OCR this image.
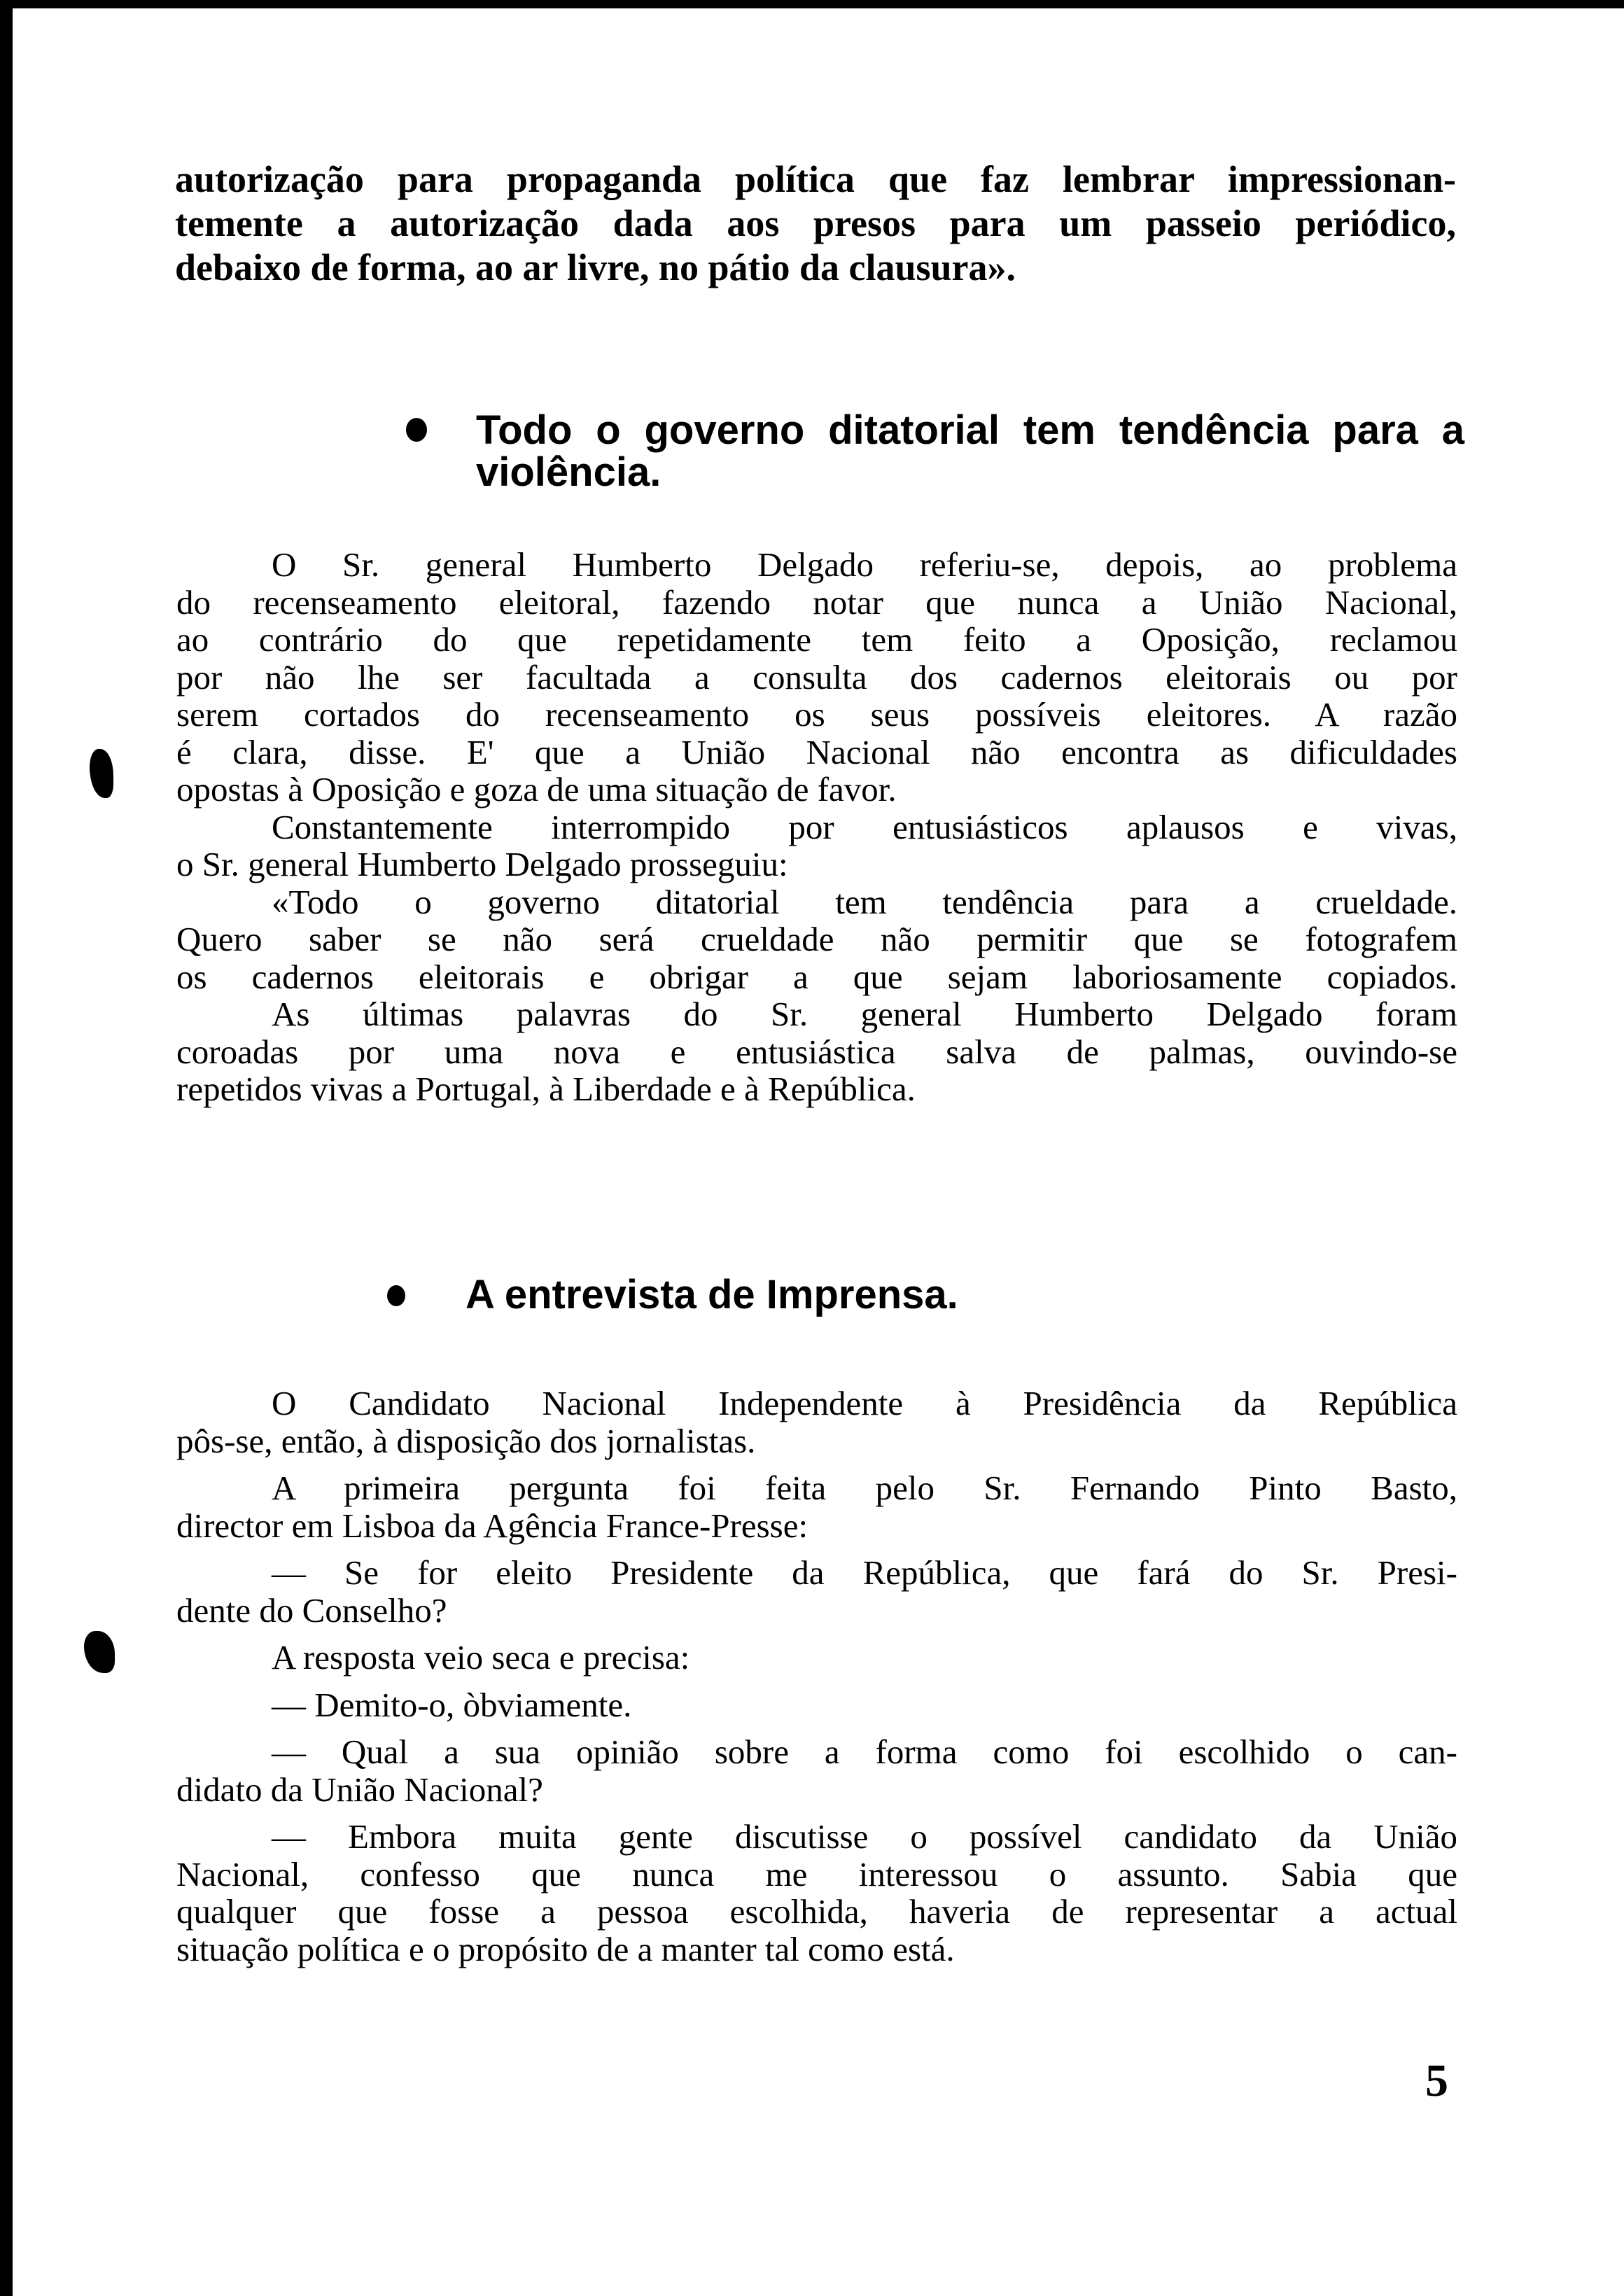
autorização para propaganda política que faz lembrar impressionan-
temente a autorização dada aos presos para um passeio periódico,
debaixo de forma, ao ar livre, no pátio da clausura».
Todo o governo ditatorial tem tendência para a
violência.
O Sr. general Humberto Delgado referiu-se, depois, ao problema
do recenseamento eleitoral, fazendo notar que nunca a União Nacional,
ao contrário do que repetidamente tem feito a Oposição, reclamou
por não lhe ser facultada a consulta dos cadernos eleitorais ou por
serem cortados do recenseamento os seus possíveis eleitores. A razão
é clara, disse. E' que a União Nacional não encontra as dificuldades
opostas à Oposição e goza de uma situação de favor.
Constantemente interrompido por entusiásticos aplausos e vivas,
o Sr. general Humberto Delgado prosseguiu:
«Todo o governo ditatorial tem tendência para a crueldade.
Quero saber se não será crueldade não permitir que se fotografem
os cadernos eleitorais e obrigar a que sejam laboriosamente copiados.
As últimas palavras do Sr. general Humberto Delgado foram
coroadas por uma nova e entusiástica salva de palmas, ouvindo-se
repetidos vivas a Portugal, à Liberdade e à República.
A entrevista de Imprensa.
O Candidato Nacional Independente à Presidência da República
pôs-se, então, à disposição dos jornalistas.
A primeira pergunta foi feita pelo Sr. Fernando Pinto Basto,
director em Lisboa da Agência France-Presse:
— Se for eleito Presidente da República, que fará do Sr. Presi-
dente do Conselho?
A resposta veio seca e precisa:
— Demito-o, òbviamente.
— Qual a sua opinião sobre a forma como foi escolhido o can-
didato da União Nacional?
— Embora muita gente discutisse o possível candidato da União
Nacional, confesso que nunca me interessou o assunto. Sabia que
qualquer que fosse a pessoa escolhida, haveria de representar a actual
situação política e o propósito de a manter tal como está.
5
